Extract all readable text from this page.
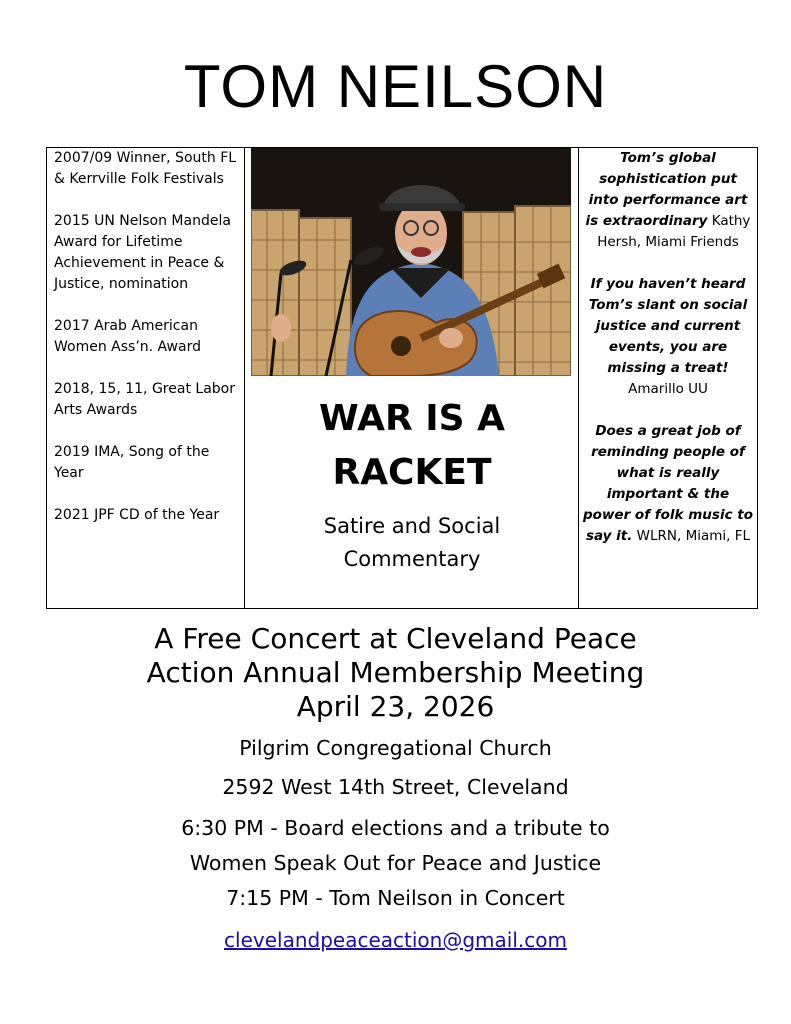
TOM NEILSON

2007/09 Winner, South FL & Kerrville Folk Festivals

2015 UN Nelson Mandela Award for Lifetime Achievement in Peace & Justice, nomination

2017 Arab American Women Ass’n. Award

2018, 15, 11, Great Labor Arts Awards

2019 IMA, Song of the Year

2021 JPF CD of the Year

WAR IS A
RACKET
Satire and Social
Commentary

Tom’s global sophistication put into performance art is extraordinary Kathy Hersh, Miami Friends

If you haven’t heard Tom’s slant on social justice and current events, you are missing a treat!
Amarillo UU

Does a great job of reminding people of what is really important & the power of folk music to say it. WLRN, Miami, FL

A Free Concert at Cleveland Peace
Action Annual Membership Meeting
April 23, 2026
Pilgrim Congregational Church
2592 West 14th Street, Cleveland
6:30 PM - Board elections and a tribute to
Women Speak Out for Peace and Justice
7:15 PM - Tom Neilson in Concert
clevelandpeaceaction@gmail.com
